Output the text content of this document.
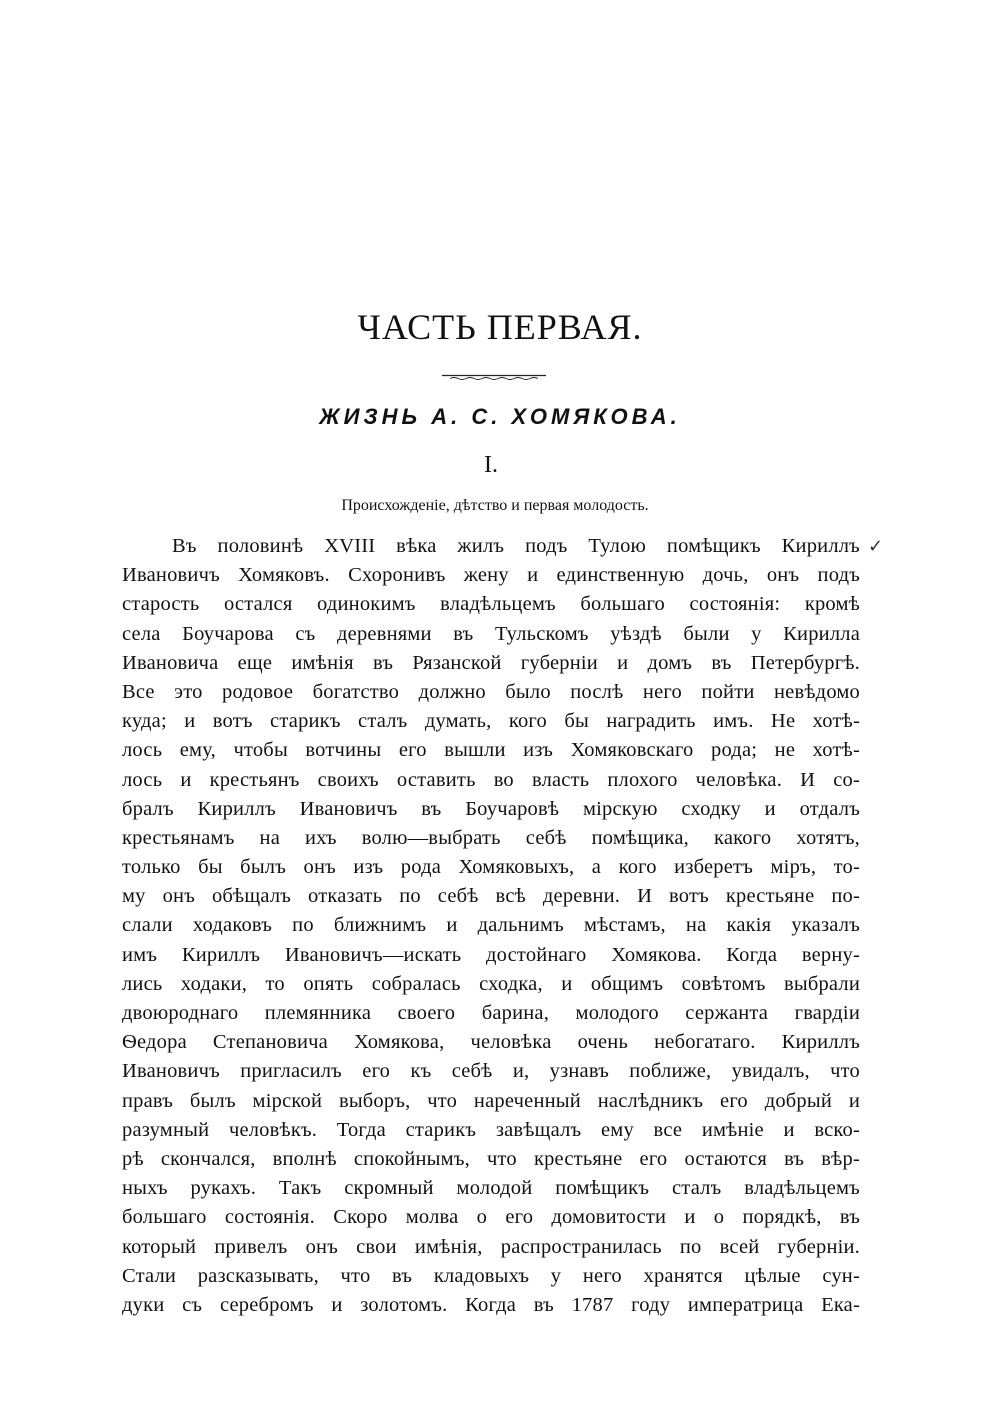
ЧАСТЬ ПЕРВАЯ.
ЖИЗНЬ А. С. ХОМЯКОВА.
I.

Происхожденіе, дѣтство и первая молодость.

✓
Въ половинѣ XVIII вѣка жилъ подъ Тулою помѣщикъ Кириллъ
Ивановичъ Хомяковъ. Схоронивъ жену и единственную дочь, онъ подъ
старость остался одинокимъ владѣльцемъ большаго состоянія: кромѣ
села Боучарова съ деревнями въ Тульскомъ уѣздѣ были у Кирилла
Ивановича еще имѣнія въ Рязанской губерніи и домъ въ Петербургѣ.
Все это родовое богатство должно было послѣ него пойти невѣдомо
куда; и вотъ старикъ сталъ думать, кого бы наградить имъ. Не хотѣ-
лось ему, чтобы вотчины его вышли изъ Хомяковскаго рода; не хотѣ-
лось и крестьянъ своихъ оставить во власть плохого человѣка. И со-
бралъ Кириллъ Ивановичъ въ Боучаровѣ мірскую сходку и отдалъ
крестьянамъ на ихъ волю—выбрать себѣ помѣщика, какого хотятъ,
только бы былъ онъ изъ рода Хомяковыхъ, а кого изберетъ міръ, то-
му онъ обѣщалъ отказать по себѣ всѣ деревни. И вотъ крестьяне по-
слали ходаковъ по ближнимъ и дальнимъ мѣстамъ, на какія указалъ
имъ Кириллъ Ивановичъ—искать достойнаго Хомякова. Когда верну-
лись ходаки, то опять собралась сходка, и общимъ совѣтомъ выбрали
двоюроднаго племянника своего барина, молодого сержанта гвардіи
Ѳедора Степановича Хомякова, человѣка очень небогатаго. Кириллъ
Ивановичъ пригласилъ его къ себѣ и, узнавъ поближе, увидалъ, что
правъ былъ мірской выборъ, что нареченный наслѣдникъ его добрый и
разумный человѣкъ. Тогда старикъ завѣщалъ ему все имѣніе и вско-
рѣ скончался, вполнѣ спокойнымъ, что крестьяне его остаются въ вѣр-
ныхъ рукахъ. Такъ скромный молодой помѣщикъ сталъ владѣльцемъ
большаго состоянія. Скоро молва о его домовитости и о порядкѣ, въ
который привелъ онъ свои имѣнія, распространилась по всей губерніи.
Стали разсказывать, что въ кладовыхъ у него хранятся цѣлые сун-
дуки съ серебромъ и золотомъ. Когда въ 1787 году императрица Ека-
